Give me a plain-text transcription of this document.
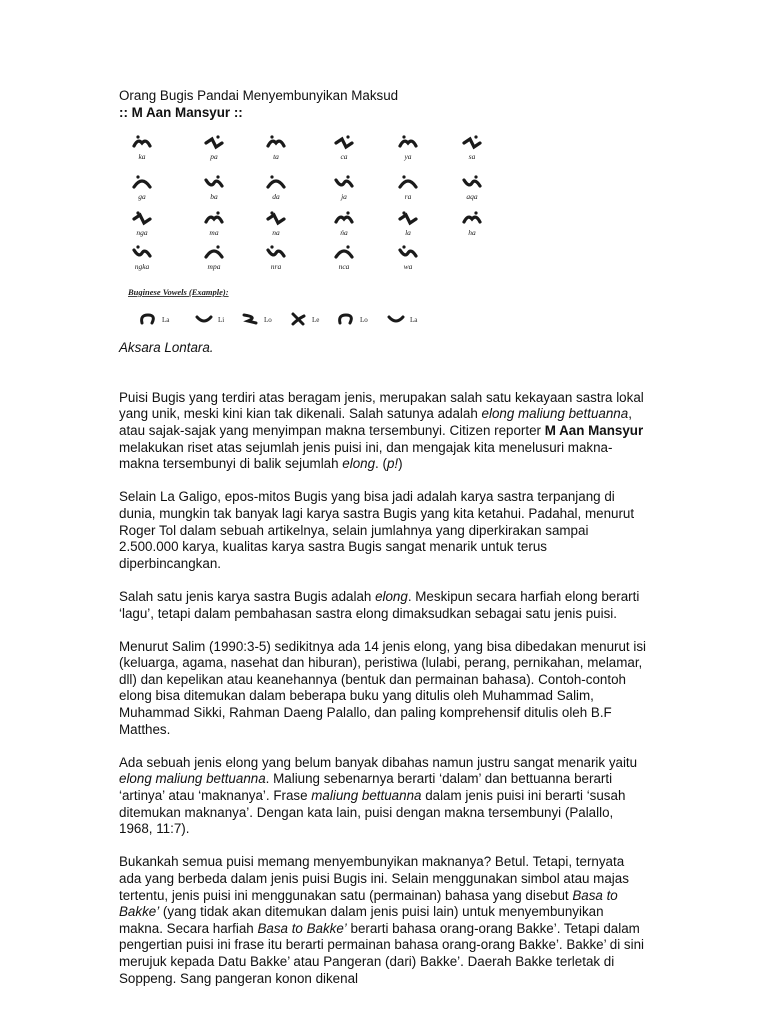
Orang Bugis Pandai Menyembunyikan Maksud

:: M Aan Mansyur ::

ka	pa	ta	ca	ya	sa
ga	ba	da	ja	ra	aqa
nga	ma	na	ńa	la	ha
ngka	mpa	nra	nca	wa
Buginese Vowels (Example):
La	Li	Lo	Le	Lo	La

Aksara Lontara.

Puisi Bugis yang terdiri atas beragam jenis, merupakan salah satu kekayaan sastra lokal yang unik, meski kini kian tak dikenali. Salah satunya adalah elong maliung bettuanna, atau sajak-sajak yang menyimpan makna tersembunyi. Citizen reporter M Aan Mansyur melakukan riset atas sejumlah jenis puisi ini, dan mengajak kita menelusuri makna-makna tersembunyi di balik sejumlah elong. (p!)

Selain La Galigo, epos-mitos Bugis yang bisa jadi adalah karya sastra terpanjang di dunia, mungkin tak banyak lagi karya sastra Bugis yang kita ketahui. Padahal, menurut Roger Tol dalam sebuah artikelnya, selain jumlahnya yang diperkirakan sampai 2.500.000 karya, kualitas karya sastra Bugis sangat menarik untuk terus diperbincangkan.

Salah satu jenis karya sastra Bugis adalah elong. Meskipun secara harfiah elong berarti ‘lagu’, tetapi dalam pembahasan sastra elong dimaksudkan sebagai satu jenis puisi.

Menurut Salim (1990:3-5) sedikitnya ada 14 jenis elong, yang bisa dibedakan menurut isi (keluarga, agama, nasehat dan hiburan), peristiwa (lulabi, perang, pernikahan, melamar, dll) dan kepelikan atau keanehannya (bentuk dan permainan bahasa). Contoh-contoh elong bisa ditemukan dalam beberapa buku yang ditulis oleh Muhammad Salim, Muhammad Sikki, Rahman Daeng Palallo, dan paling komprehensif ditulis oleh B.F Matthes.

Ada sebuah jenis elong yang belum banyak dibahas namun justru sangat menarik yaitu elong maliung bettuanna. Maliung sebenarnya berarti ‘dalam’ dan bettuanna berarti ‘artinya’ atau ‘maknanya’. Frase maliung bettuanna dalam jenis puisi ini berarti ‘susah ditemukan maknanya’. Dengan kata lain, puisi dengan makna tersembunyi (Palallo, 1968, 11:7).

Bukankah semua puisi memang menyembunyikan maknanya? Betul. Tetapi, ternyata ada yang berbeda dalam jenis puisi Bugis ini. Selain menggunakan simbol atau majas tertentu, jenis puisi ini menggunakan satu (permainan) bahasa yang disebut Basa to Bakke’ (yang tidak akan ditemukan dalam jenis puisi lain) untuk menyembunyikan makna. Secara harfiah Basa to Bakke’ berarti bahasa orang-orang Bakke’. Tetapi dalam pengertian puisi ini frase itu berarti permainan bahasa orang-orang Bakke’. Bakke’ di sini merujuk kepada Datu Bakke’ atau Pangeran (dari) Bakke’. Daerah Bakke terletak di Soppeng. Sang pangeran konon dikenal
